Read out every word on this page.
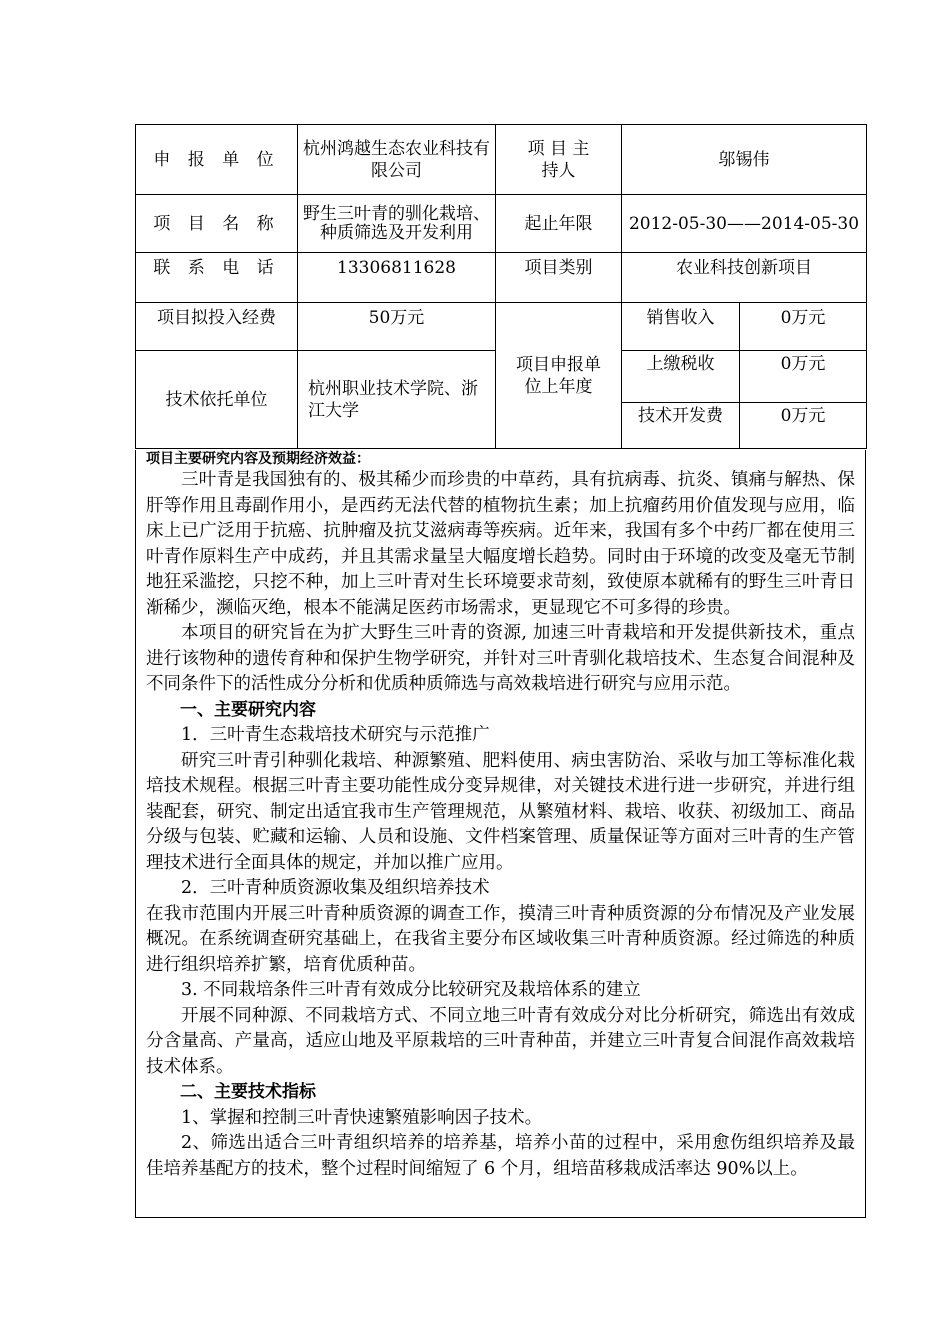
申 报 单 位	杭州鸿越生态农业科技有限公司	项 目 主持人	邬锡伟	
项 目 名 称	野生三叶青的驯化栽培、种质筛选及开发利用	起止年限	2012-05-30——2014-05-30	
联 系 电 话	13306811628	项目类别	农业科技创新项目	
项目拟投入经费	50万元	项目申报单位上年度	销售收入	0万元
技术依托单位	杭州职业技术学院、浙江大学		上缴税收	0万元
			技术开发费	0万元
项目主要研究内容及预期经济效益：

三叶青是我国独有的、极其稀少而珍贵的中草药，具有抗病毒、抗炎、镇痛与解热、保肝等作用且毒副作用小，是西药无法代替的植物抗生素；加上抗瘤药用价值发现与应用，临床上已广泛用于抗癌、抗肿瘤及抗艾滋病毒等疾病。近年来，我国有多个中药厂都在使用三叶青作原料生产中成药，并且其需求量呈大幅度增长趋势。同时由于环境的改变及毫无节制地狂采滥挖，只挖不种，加上三叶青对生长环境要求苛刻，致使原本就稀有的野生三叶青日渐稀少，濒临灭绝，根本不能满足医药市场需求，更显现它不可多得的珍贵。

本项目的研究旨在为扩大野生三叶青的资源, 加速三叶青栽培和开发提供新技术，重点进行该物种的遗传育种和保护生物学研究，并针对三叶青驯化栽培技术、生态复合间混种及不同条件下的活性成分分析和优质种质筛选与高效栽培进行研究与应用示范。

一、主要研究内容

1．三叶青生态栽培技术研究与示范推广

研究三叶青引种驯化栽培、种源繁殖、肥料使用、病虫害防治、采收与加工等标准化栽培技术规程。根据三叶青主要功能性成分变异规律，对关键技术进行进一步研究，并进行组装配套，研究、制定出适宜我市生产管理规范，从繁殖材料、栽培、收获、初级加工、商品分级与包装、贮藏和运输、人员和设施、文件档案管理、质量保证等方面对三叶青的生产管理技术进行全面具体的规定，并加以推广应用。

2．三叶青种质资源收集及组织培养技术

在我市范围内开展三叶青种质资源的调查工作，摸清三叶青种质资源的分布情况及产业发展概况。在系统调查研究基础上，在我省主要分布区域收集三叶青种质资源。经过筛选的种质进行组织培养扩繁，培育优质种苗。

3. 不同栽培条件三叶青有效成分比较研究及栽培体系的建立

开展不同种源、不同栽培方式、不同立地三叶青有效成分对比分析研究，筛选出有效成分含量高、产量高，适应山地及平原栽培的三叶青种苗，并建立三叶青复合间混作高效栽培技术体系。

二、主要技术指标

1、掌握和控制三叶青快速繁殖影响因子技术。

2、筛选出适合三叶青组织培养的培养基，培养小苗的过程中，采用愈伤组织培养及最佳培养基配方的技术，整个过程时间缩短了 6 个月，组培苗移栽成活率达 90%以上。
